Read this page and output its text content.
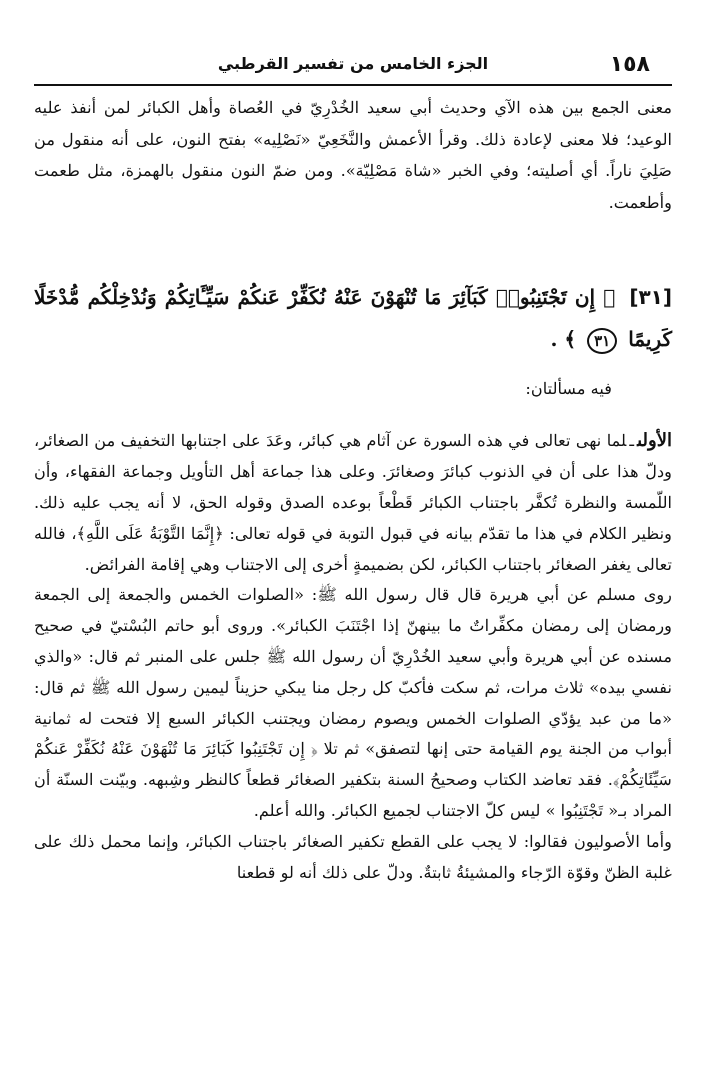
١٥٨
الجزء الخامس من تفسير القرطبي

معنى الجمع بين هذه الآي وحديث أبي سعيد الخُدْرِيّ في العُصاة وأهل الكبائر لمن أنفذ عليه الوعيد؛ فلا معنى لإعادة ذلك. وقرأ الأعمش والنَّخَعِيّ «نَصْلِيه» بفتح النون، على أنه منقول من صَلِيَ ناراً. أي أصليته؛ وفي الخبر «شاة مَصْلِيّة». ومن ضمّ النون منقول بالهمزة، مثل طعمت وأطعمت.

[٣١] ﴿ إِن تَجْتَنِبُوا۟ كَبَآئِرَ مَا تُنْهَوْنَ عَنْهُ نُكَفِّرْ عَنكُمْ سَيِّـَٔاتِكُمْ وَنُدْخِلْكُم مُّدْخَلًا كَرِيمًا ٣١ ﴾ .
فيه مسألتان:

الأولىـلما نهى تعالى في هذه السورة عن آثام هي كبائر، وعَدَ على اجتنابها التخفيف من الصغائر، ودلّ هذا على أن في الذنوب كبائرَ وصغائرَ. وعلى هذا جماعة أهل التأويل وجماعة الفقهاء، وأن اللّمسة والنظرة تُكفَّر باجتناب الكبائر قَطْعاً بوعده الصدق وقوله الحق، لا أنه يجب عليه ذلك. ونظير الكلام في هذا ما تقدّم بيانه في قبول التوبة في قوله تعالى: ﴿إِنَّمَا التَّوْبَةُ عَلَى اللَّهِ﴾، فالله تعالى يغفر الصغائر باجتناب الكبائر، لكن بضميمةٍ أخرى إلى الاجتناب وهي إقامة الفرائض.

روى مسلم عن أبي هريرة قال قال رسول الله ﷺ: «الصلوات الخمس والجمعة إلى الجمعة ورمضان إلى رمضان مكفِّراتٌ ما بينهنّ إذا اجْتَنَبَ الكبائر». وروى أبو حاتم البُسْتيّ في صحيح مسنده عن أبي هريرة وأبي سعيد الخُدْرِيّ أن رسول الله ﷺ جلس على المنبر ثم قال: «والذي نفسي بيده» ثلاث مرات، ثم سكت فأكبّ كل رجل منا يبكي حزيناً ليمين رسول الله ﷺ ثم قال: «ما من عبد يؤدّي الصلوات الخمس ويصوم رمضان ويجتنب الكبائر السبع إلا فتحت له ثمانية أبواب من الجنة يوم القيامة حتى إنها لتصفق» ثم تلا ﴿ إِن تَجْتَنِبُوا كَبَائِرَ مَا تُنْهَوْنَ عَنْهُ نُكَفِّرْ عَنكُمْ سَيِّئَاتِكُمْ﴾. فقد تعاضد الكتاب وصحيحُ السنة بتكفير الصغائر قطعاً كالنظر وشِبهه. وبيّنت السنّة أن المراد بـ« تَجْتَنِبُوا » ليس كلّ الاجتناب لجميع الكبائر. والله أعلم.

وأما الأصوليون فقالوا: لا يجب على القطع تكفير الصغائر باجتناب الكبائر، وإنما محمل ذلك على غلبة الظنّ وقوّة الرّجاء والمشيئةُ ثابتةٌ. ودلّ على ذلك أنه لو قطعنا
